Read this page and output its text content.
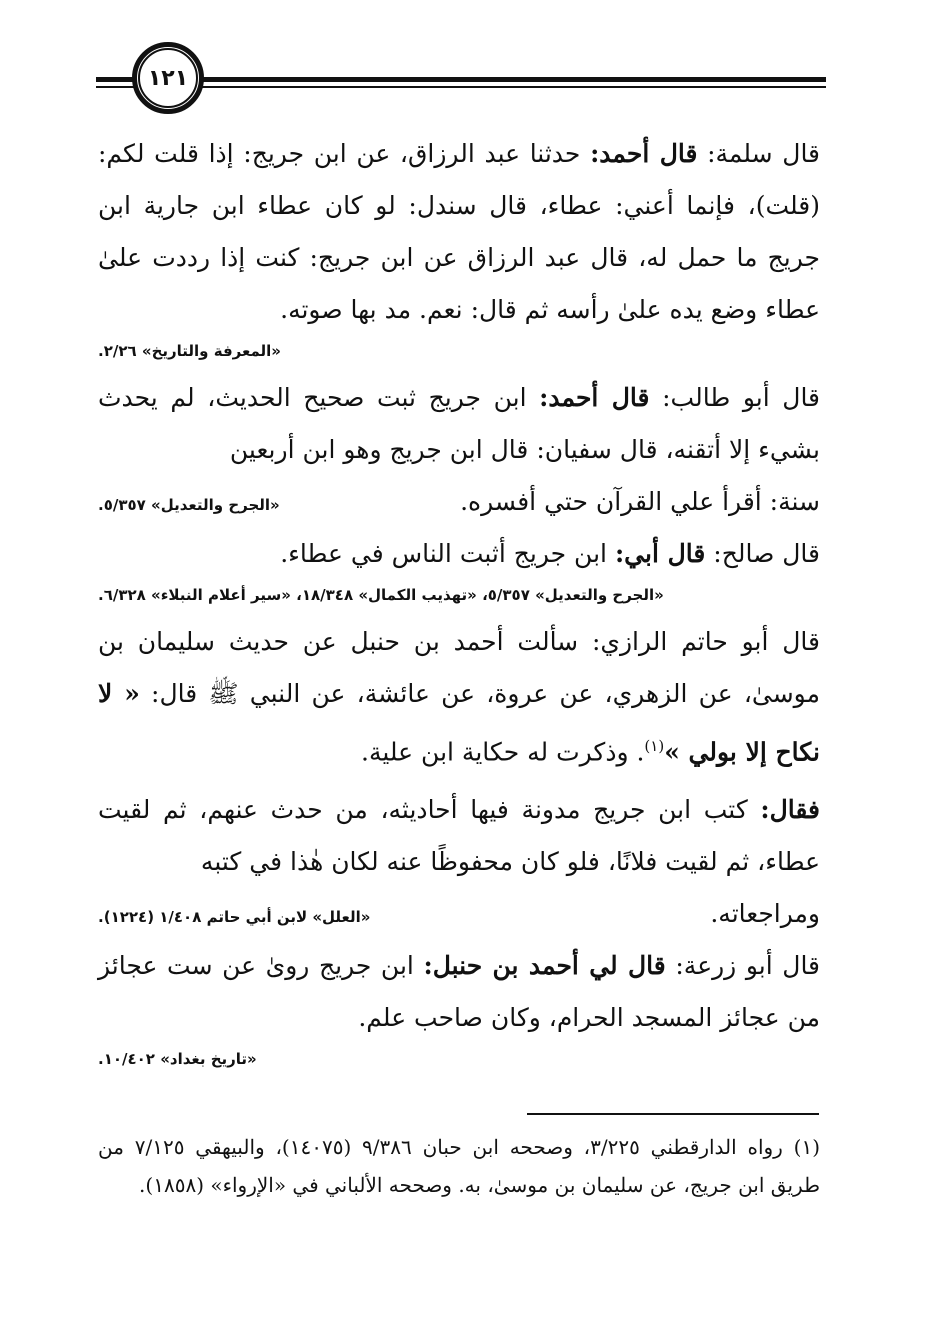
١٢١

قال سلمة: قال أحمد: حدثنا عبد الرزاق، عن ابن جريج: إذا قلت لكم: (قلت)، فإنما أعني: عطاء، قال سندل: لو كان عطاء ابن جارية ابن جريج ما حمل له، قال عبد الرزاق عن ابن جريج: كنت إذا رددت علىٰ عطاء وضع يده علىٰ رأسه ثم قال: نعم. مد بها صوته.

«المعرفة والتاريخ» ٢/٢٦.

قال أبو طالب: قال أحمد: ابن جريج ثبت صحيح الحديث، لم يحدث بشيء إلا أتقنه، قال سفيان: قال ابن جريج وهو ابن أربعين

سنة: أقرأ علي القرآن حتي أفسره.
«الجرح والتعديل» ٥/٣٥٧.

قال صالح: قال أبي: ابن جريج أثبت الناس في عطاء.

«الجرح والتعديل» ٥/٣٥٧، «تهذيب الكمال» ١٨/٣٤٨، «سير أعلام النبلاء» ٦/٣٢٨.

قال أبو حاتم الرازي: سألت أحمد بن حنبل عن حديث سليمان بن موسىٰ، عن الزهري، عن عروة، عن عائشة، عن النبي ﷺ قال: « لا نكاح إلا بولي »$^{(١)}$. وذكرت له حكاية ابن علية.

فقال: كتب ابن جريج مدونة فيها أحاديثه، من حدث عنهم، ثم لقيت عطاء، ثم لقيت فلانًا، فلو كان محفوظًا عنه لكان هٰذا في كتبه

ومراجعاته.
«العلل» لابن أبي حاتم ١/٤٠٨ (١٢٢٤).

قال أبو زرعة: قال لي أحمد بن حنبل: ابن جريج روىٰ عن ست عجائز من عجائز المسجد الحرام، وكان صاحب علم.

«تاريخ بغداد» ١٠/٤٠٢.

(١) رواه الدارقطني ٣/٢٢٥، وصححه ابن حبان ٩/٣٨٦ (١٤٠٧٥)، والبيهقي ٧/١٢٥ من طريق ابن جريج، عن سليمان بن موسىٰ، به. وصححه الألباني في «الإرواء» (١٨٥٨).
